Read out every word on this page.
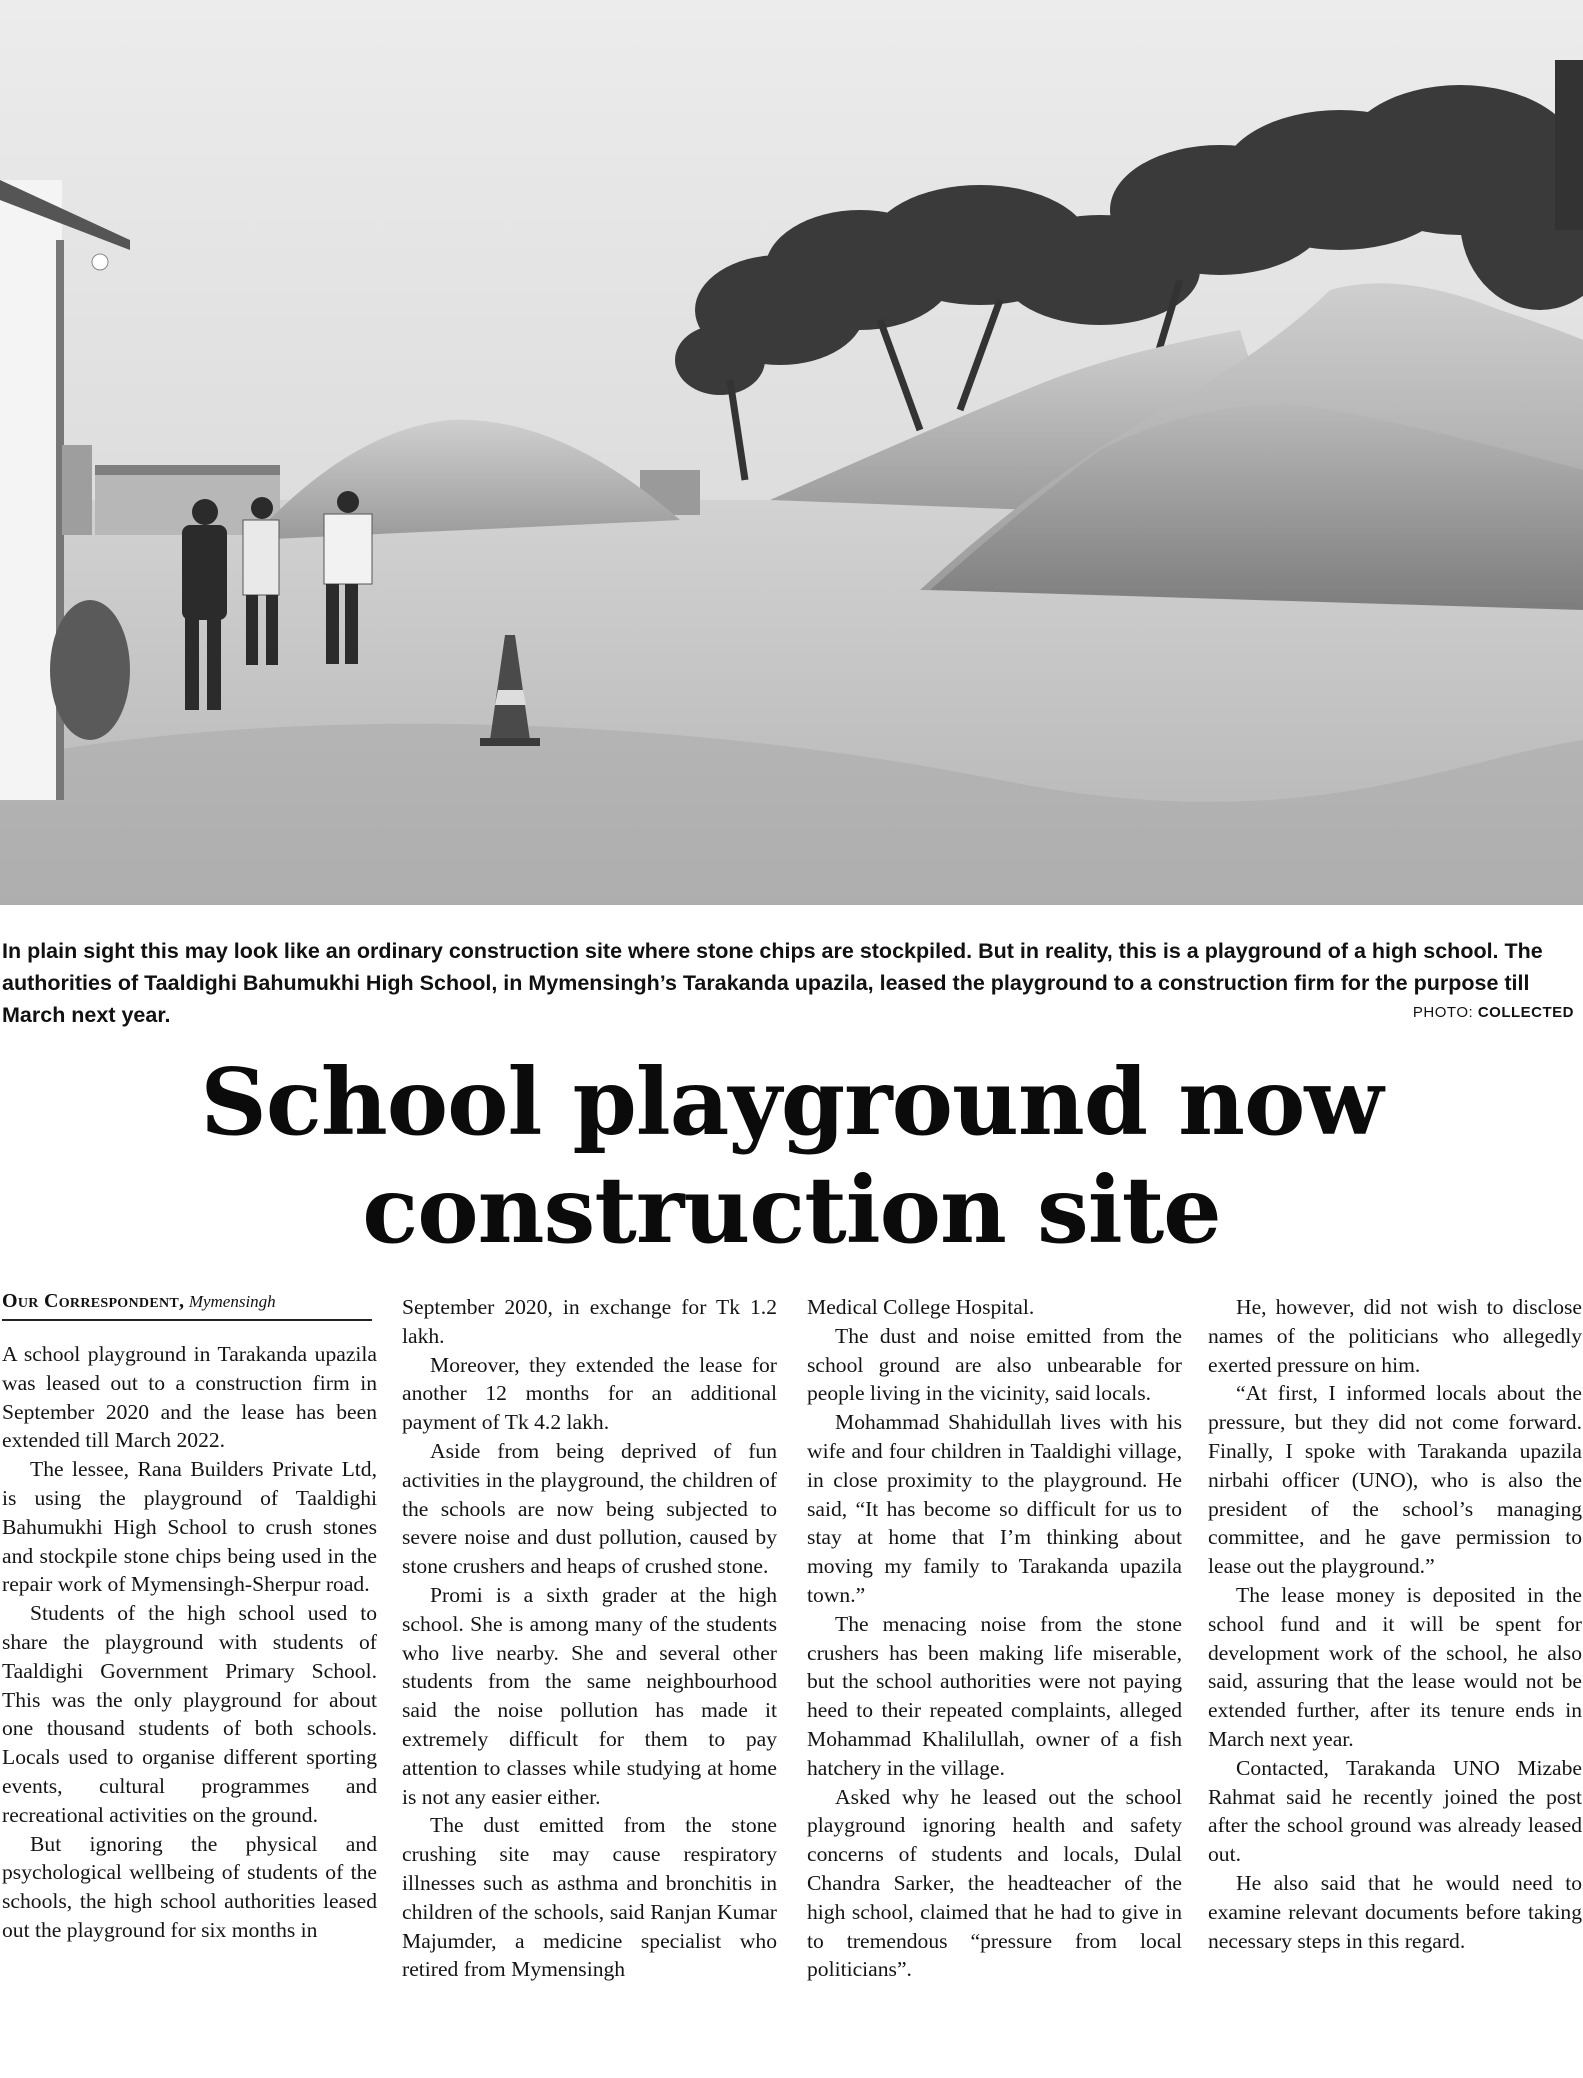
In plain sight this may look like an ordinary construction site where stone chips are stockpiled. But in reality, this is a playground of a high school. The authorities of Taaldighi Bahumukhi High School, in Mymensingh’s Tarakanda upazila, leased the playground to a construction firm for the purpose till March next year.	PHOTO: COLLECTED
School playground now
construction site
Our Correspondent, Mymensingh

A school playground in Tarakanda upazila was leased out to a construction firm in September 2020 and the lease has been extended till March 2022.

The lessee, Rana Builders Private Ltd, is using the playground of Taaldighi Bahumukhi High School to crush stones and stockpile stone chips being used in the repair work of Mymensingh-Sherpur road.

Students of the high school used to share the playground with students of Taaldighi Government Primary School. This was the only playground for about one thousand students of both schools. Locals used to organise different sporting events, cultural programmes and recreational activities on the ground.

But ignoring the physical and psychological wellbeing of students of the schools, the high school authorities leased out the playground for six months in

September 2020, in exchange for Tk 1.2 lakh.

Moreover, they extended the lease for another 12 months for an additional payment of Tk 4.2 lakh.

Aside from being deprived of fun activities in the playground, the children of the schools are now being subjected to severe noise and dust pollution, caused by stone crushers and heaps of crushed stone.

Promi is a sixth grader at the high school. She is among many of the students who live nearby. She and several other students from the same neighbourhood said the noise pollution has made it extremely difficult for them to pay attention to classes while studying at home is not any easier either.

The dust emitted from the stone crushing site may cause respiratory illnesses such as asthma and bronchitis in children of the schools, said Ranjan Kumar Majumder, a medicine specialist who retired from Mymensingh

Medical College Hospital.

The dust and noise emitted from the school ground are also unbearable for people living in the vicinity, said locals.

Mohammad Shahidullah lives with his wife and four children in Taaldighi village, in close proximity to the playground. He said, “It has become so difficult for us to stay at home that I’m thinking about moving my family to Tarakanda upazila town.”

The menacing noise from the stone crushers has been making life miserable, but the school authorities were not paying heed to their repeated complaints, alleged Mohammad Khalilullah, owner of a fish hatchery in the village.

Asked why he leased out the school playground ignoring health and safety concerns of students and locals, Dulal Chandra Sarker, the headteacher of the high school, claimed that he had to give in to tremendous “pressure from local politicians”.

He, however, did not wish to disclose names of the politicians who allegedly exerted pressure on him.

“At first, I informed locals about the pressure, but they did not come forward. Finally, I spoke with Tarakanda upazila nirbahi officer (UNO), who is also the president of the school’s managing committee, and he gave permission to lease out the playground.”

The lease money is deposited in the school fund and it will be spent for development work of the school, he also said, assuring that the lease would not be extended further, after its tenure ends in March next year.

Contacted, Tarakanda UNO Mizabe Rahmat said he recently joined the post after the school ground was already leased out.

He also said that he would need to examine relevant documents before taking necessary steps in this regard.
